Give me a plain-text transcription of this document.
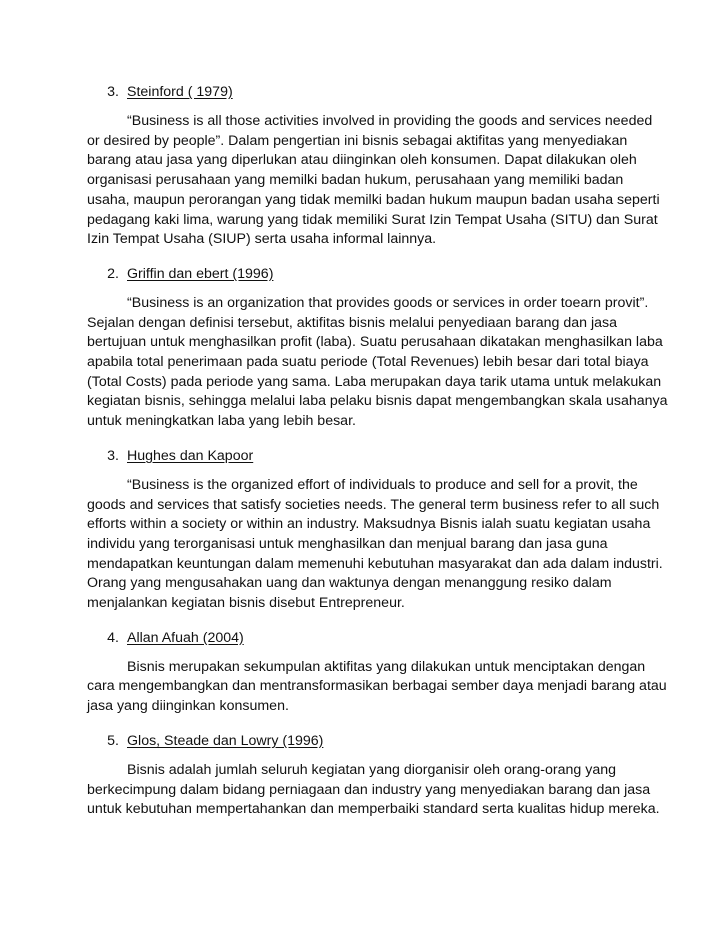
3. Steinford ( 1979)

“Business is all those activities involved in providing the goods and services needed or desired by people”. Dalam pengertian ini bisnis sebagai aktifitas yang menyediakan barang atau jasa yang diperlukan atau diinginkan oleh konsumen. Dapat dilakukan oleh organisasi perusahaan yang memilki badan hukum, perusahaan yang memiliki badan usaha, maupun perorangan yang tidak memilki badan hukum maupun badan usaha seperti pedagang kaki lima, warung yang tidak memiliki Surat Izin Tempat Usaha (SITU) dan Surat Izin Tempat Usaha (SIUP) serta usaha informal lainnya.

2. Griffin dan ebert (1996)

“Business is an organization that provides goods or services in order toearn provit”. Sejalan dengan definisi tersebut, aktifitas bisnis melalui penyediaan barang dan jasa bertujuan untuk menghasilkan profit (laba). Suatu perusahaan dikatakan menghasilkan laba apabila total penerimaan pada suatu periode (Total Revenues) lebih besar dari total biaya (Total Costs) pada periode yang sama. Laba merupakan daya tarik utama untuk melakukan kegiatan bisnis, sehingga melalui laba pelaku bisnis dapat mengembangkan skala usahanya untuk meningkatkan laba yang lebih besar.

3. Hughes dan Kapoor

“Business is the organized effort of individuals to produce and sell for a provit, the goods and services that satisfy societies needs. The general term business refer to all such efforts within a society or within an industry. Maksudnya Bisnis ialah suatu kegiatan usaha individu yang terorganisasi untuk menghasilkan dan menjual barang dan jasa guna mendapatkan keuntungan dalam memenuhi kebutuhan masyarakat dan ada dalam industri. Orang yang mengusahakan uang dan waktunya dengan menanggung resiko dalam menjalankan kegiatan bisnis disebut Entrepreneur.

4. Allan Afuah (2004)

Bisnis merupakan sekumpulan aktifitas yang dilakukan untuk menciptakan dengan cara mengembangkan dan mentransformasikan berbagai sember daya menjadi barang atau jasa yang diinginkan konsumen.

5. Glos, Steade dan Lowry (1996)

Bisnis adalah jumlah seluruh kegiatan yang diorganisir oleh orang-orang yang berkecimpung dalam bidang perniagaan dan industry yang menyediakan barang dan jasa untuk kebutuhan mempertahankan dan memperbaiki standard serta kualitas hidup mereka.
